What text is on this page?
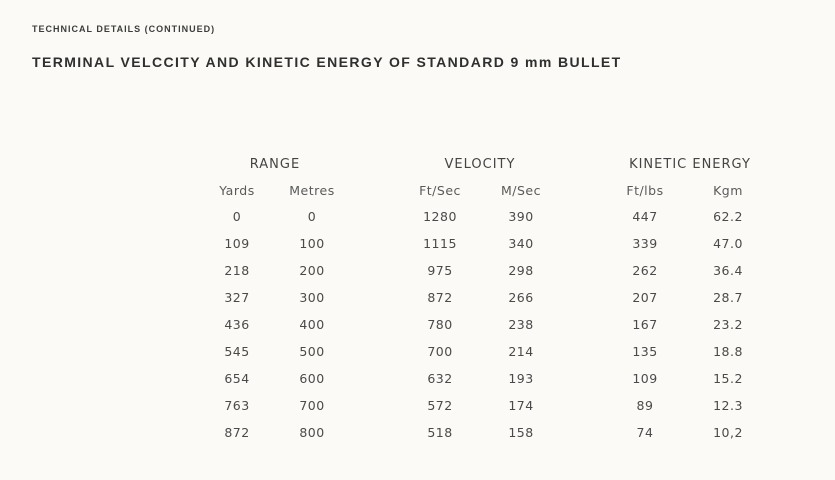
TECHNICAL DETAILS (CONTINUED)
TERMINAL VELCCITY AND KINETIC ENERGY OF STANDARD 9 mm BULLET
RANGE	VELOCITY	KINETIC ENERGY
Yards	Metres	Ft/Sec	M/Sec	Ft/lbs	Kgm
0	0	1280	390	447	62.2
109	100	1115	340	339	47.0
218	200	975	298	262	36.4
327	300	872	266	207	28.7
436	400	780	238	167	23.2
545	500	700	214	135	18.8
654	600	632	193	109	15.2
763	700	572	174	89	12.3
872	800	518	158	74	10,2
